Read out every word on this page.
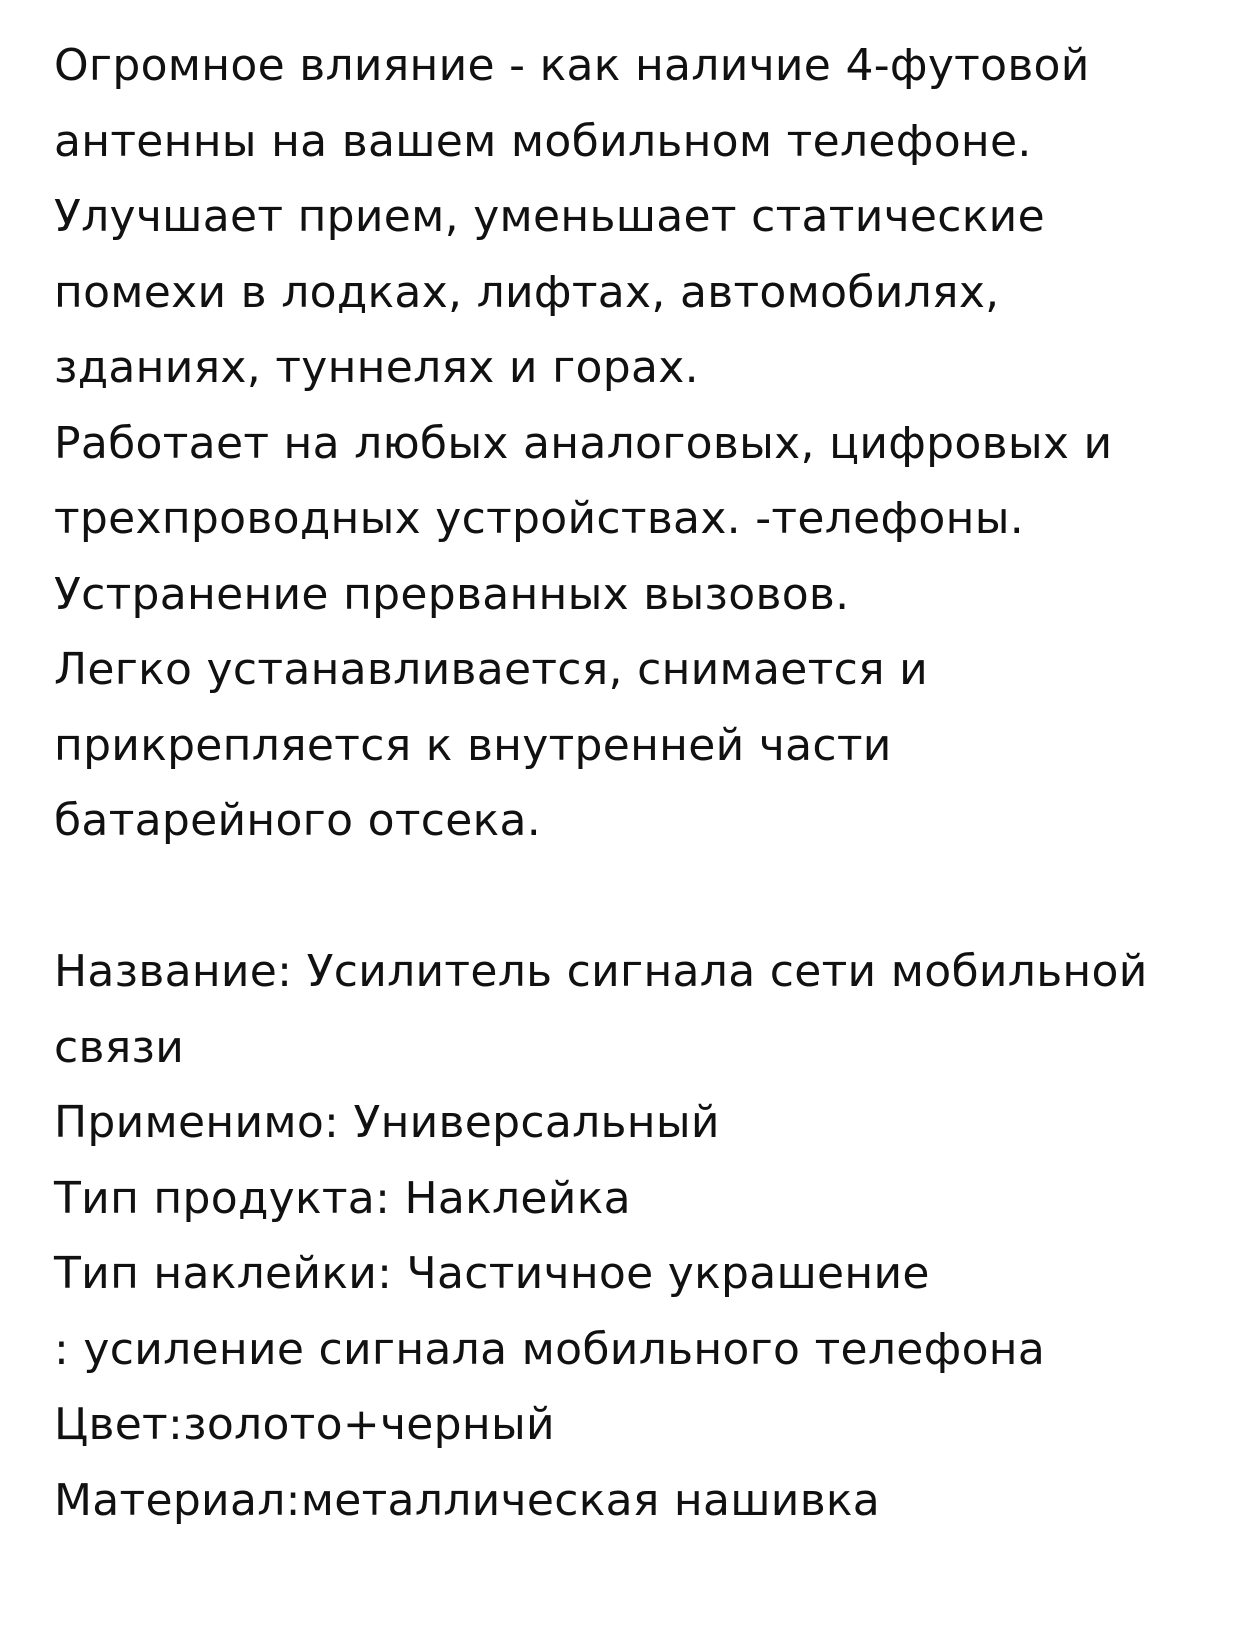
Огромное влияние - как наличие 4-футовой
антенны на вашем мобильном телефоне.
Улучшает прием, уменьшает статические
помехи в лодках, лифтах, автомобилях,
зданиях, туннелях и горах.
Работает на любых аналоговых, цифровых и
трехпроводных устройствах. -телефоны.
Устранение прерванных вызовов.
Легко устанавливается, снимается и
прикрепляется к внутренней части
батарейного отсека.
Название: Усилитель сигнала сети мобильной
связи
Применимо: Универсальный
Тип продукта: Наклейка
Тип наклейки: Частичное украшение
: усиление сигнала мобильного телефона
Цвет:золото+черный
Материал:металлическая нашивка
